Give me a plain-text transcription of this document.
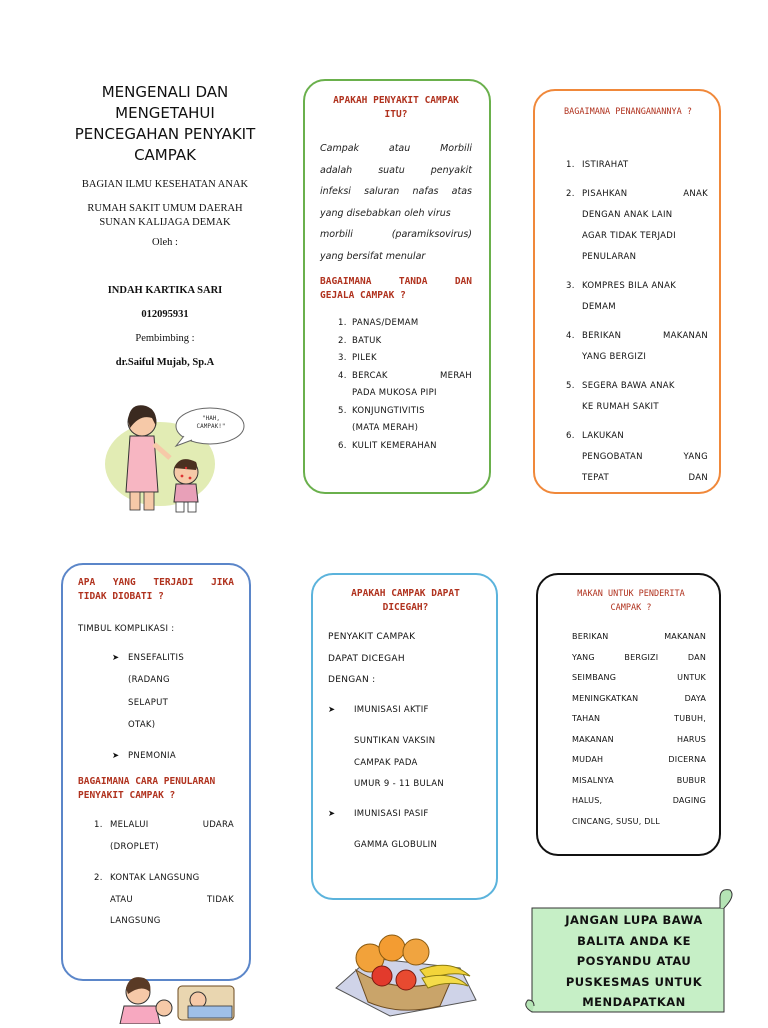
MENGENALI DAN
MENGETAHUI
PENCEGAHAN PENYAKIT
CAMPAK
BAGIAN ILMU KESEHATAN ANAK
RUMAH SAKIT UMUM DAERAH
SUNAN KALIJAGA DEMAK
Oleh :
INDAH KARTIKA SARI
012095931
Pembimbing :
dr.Saiful Mujab, Sp.A
"HAH,
CAMPAK!"
APAKAH PENYAKIT CAMPAK
ITU?
Campak	atau	Morbili
adalah	suatu	penyakit
infeksi saluran nafas atas
yang disebabkan oleh virus
morbili	(paramiksovirus)
yang bersifat menular
BAGAIMANA	TANDA	DAN
GEJALA CAMPAK ?
1. PANAS/DEMAM
2. BATUK
3. PILEK
4. BERCAK	MERAH
PADA MUKOSA PIPI
5. KONJUNGTIVITIS
(MATA MERAH)
6. KULIT KEMERAHAN
BAGAIMANA PENANGANANNYA ?
1. ISTIRAHAT
2. PISAHKAN	ANAK
DENGAN ANAK LAIN
AGAR TIDAK TERJADI
PENULARAN
3. KOMPRES BILA ANAK
DEMAM
4. BERIKAN	MAKANAN
YANG BERGIZI
5. SEGERA BAWA ANAK
KE RUMAH SAKIT
6. LAKUKAN
PENGOBATAN	YANG
TEPAT	DAN
APA YANG TERJADI JIKA
TIDAK DIOBATI ?
TIMBUL KOMPLIKASI :
➤ ENSEFALITIS
(RADANG
SELAPUT
OTAK)
➤ PNEMONIA
BAGAIMANA CARA PENULARAN
PENYAKIT CAMPAK ?
1. MELALUI	UDARA
(DROPLET)
2. KONTAK LANGSUNG
ATAU	TIDAK
LANGSUNG
APAKAH CAMPAK DAPAT
DICEGAH?
PENYAKIT CAMPAK
DAPAT DICEGAH
DENGAN :
➤ IMUNISASI AKTIF
SUNTIKAN VAKSIN
CAMPAK PADA
UMUR 9 - 11 BULAN
➤ IMUNISASI PASIF
GAMMA GLOBULIN
MAKAN UNTUK PENDERITA
CAMPAK ?
BERIKAN	MAKANAN
YANG	BERGIZI	DAN
SEIMBANG	UNTUK
MENINGKATKAN	DAYA
TAHAN	TUBUH,
MAKANAN	HARUS
MUDAH	DICERNA
MISALNYA	BUBUR
HALUS,	DAGING
CINCANG, SUSU, DLL
JANGAN LUPA BAWA
BALITA ANDA KE
POSYANDU ATAU
PUSKESMAS UNTUK
MENDAPATKAN
